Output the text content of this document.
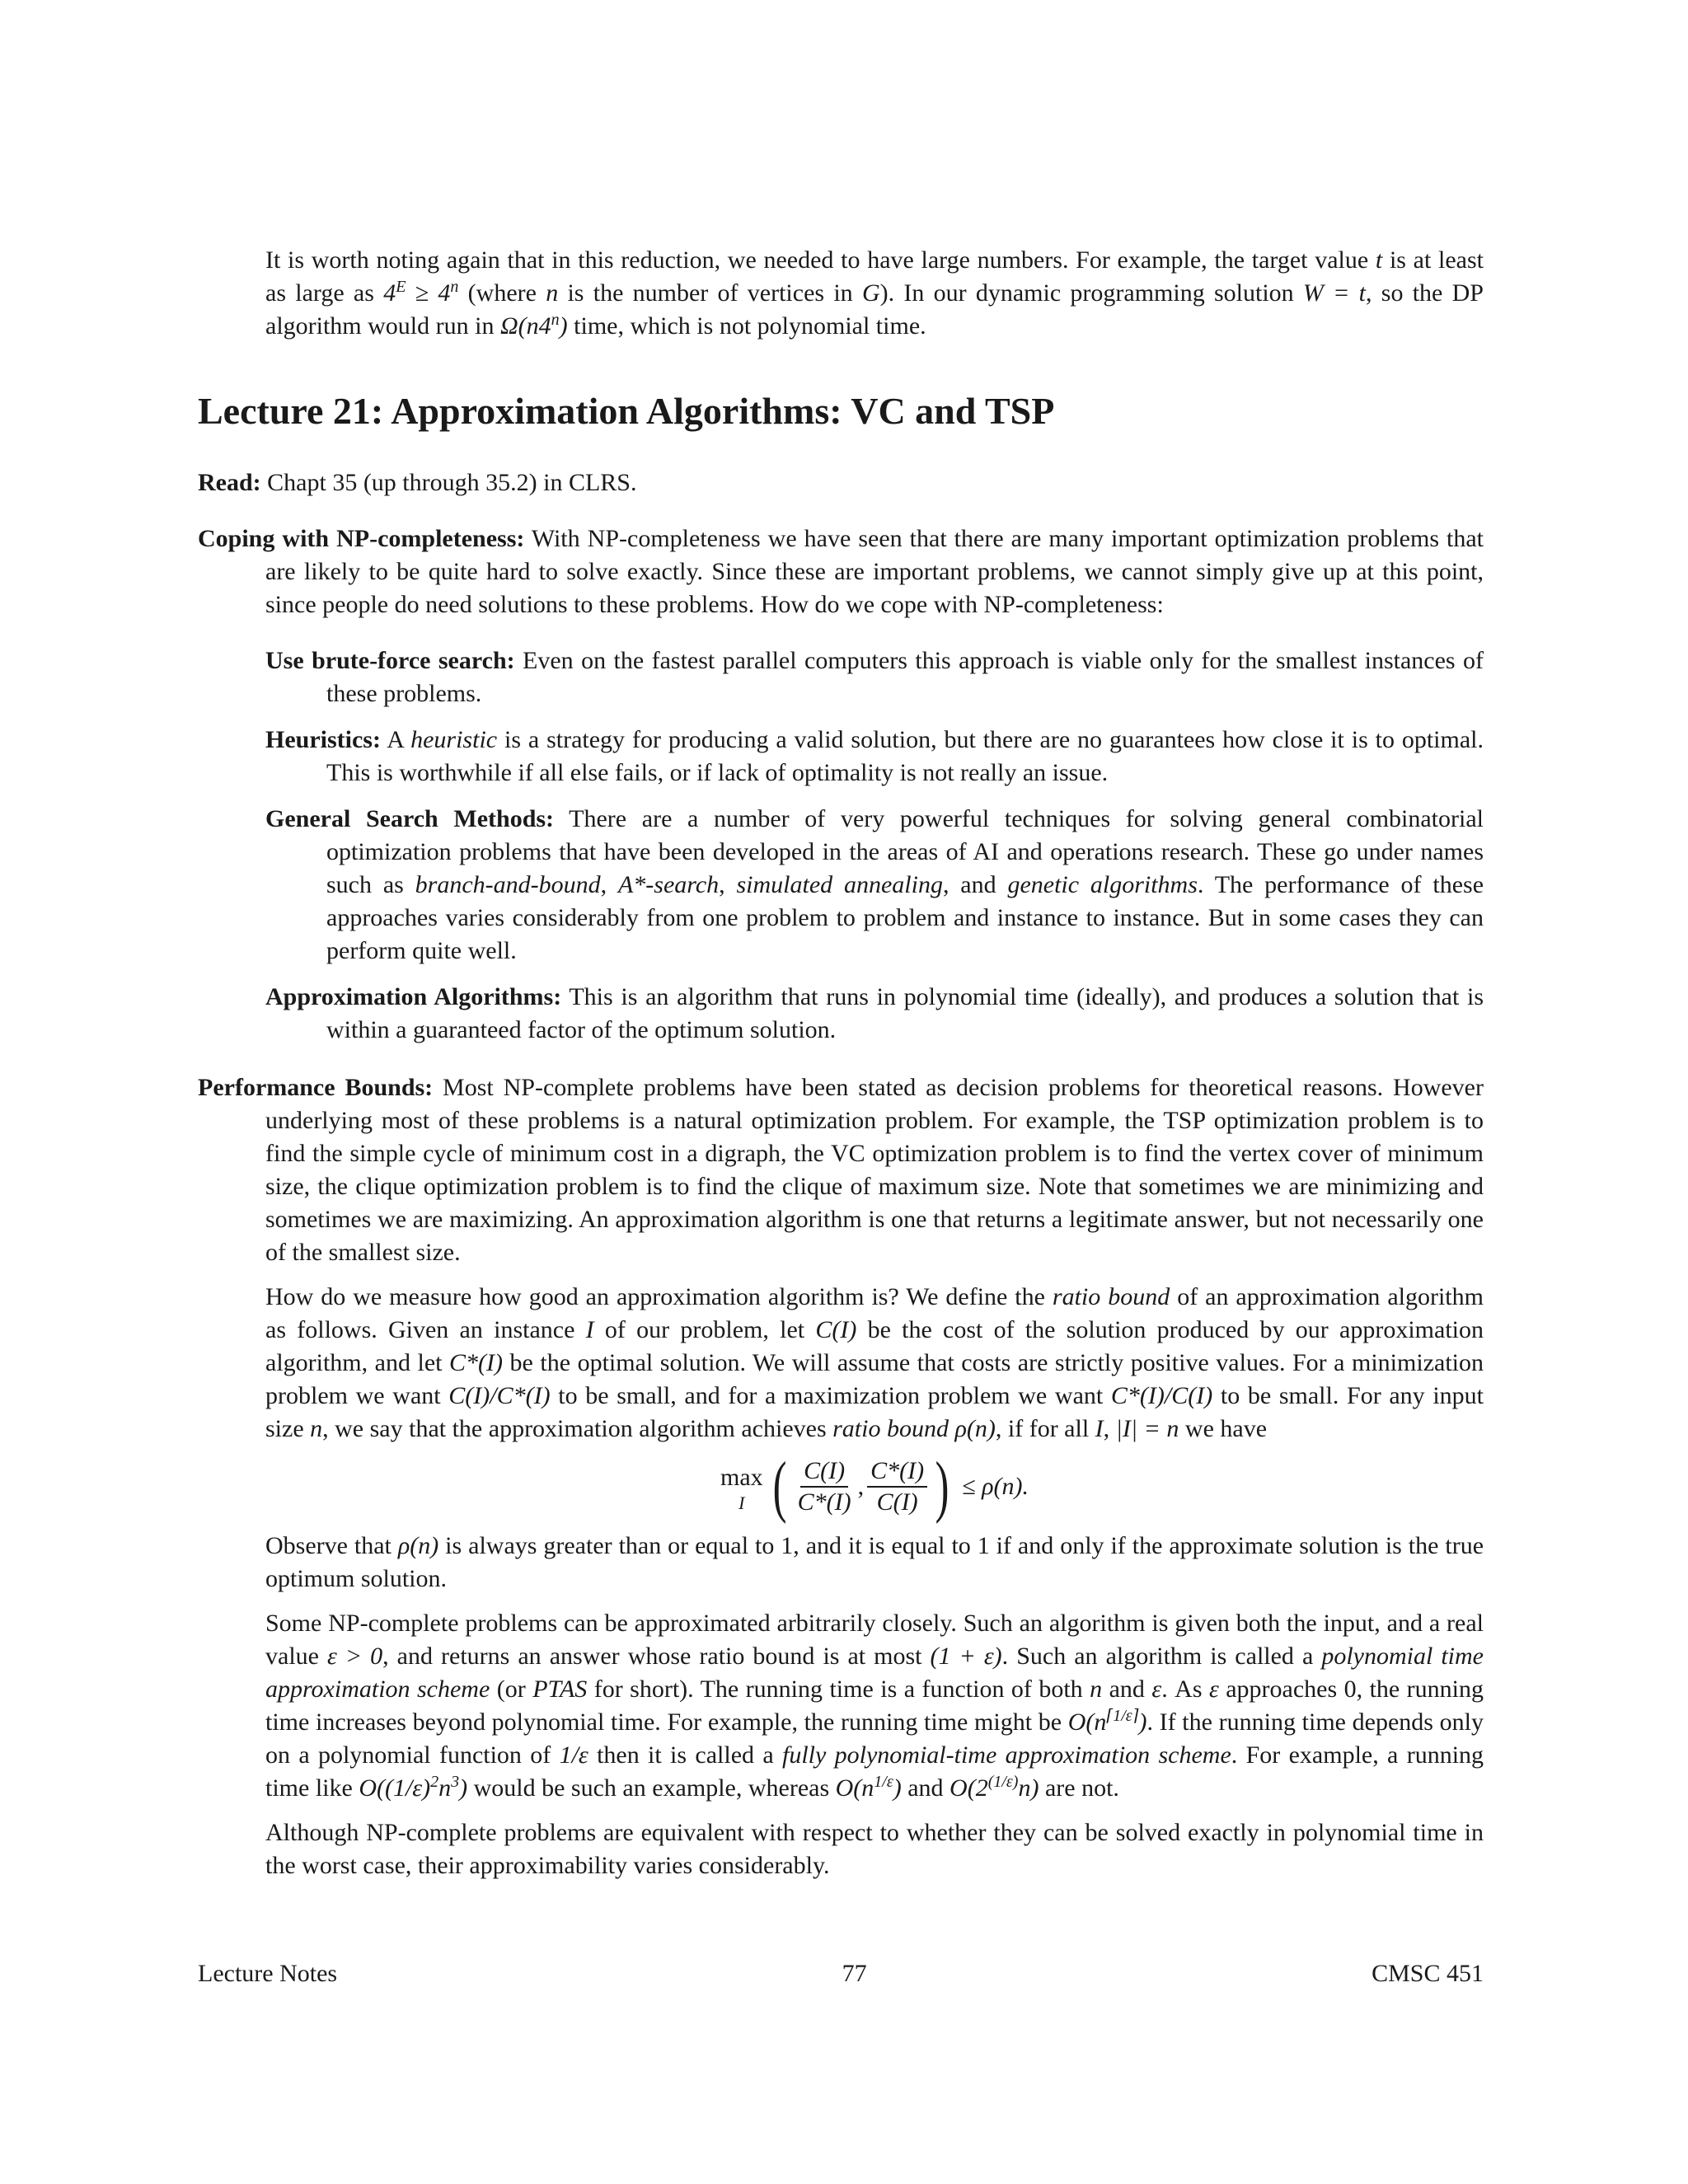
It is worth noting again that in this reduction, we needed to have large numbers. For example, the target value t is at least as large as $4^E \ge 4^n$ (where n is the number of vertices in G). In our dynamic programming solution W = t, so the DP algorithm would run in Ω(n4$^n$) time, which is not polynomial time.

Lecture 21: Approximation Algorithms: VC and TSP

Read: Chapt 35 (up through 35.2) in CLRS.

Coping with NP-completeness: With NP-completeness we have seen that there are many important optimization problems that are likely to be quite hard to solve exactly. Since these are important problems, we cannot simply give up at this point, since people do need solutions to these problems. How do we cope with NP-completeness:

Use brute-force search: Even on the fastest parallel computers this approach is viable only for the smallest instances of these problems.

Heuristics: A heuristic is a strategy for producing a valid solution, but there are no guarantees how close it is to optimal. This is worthwhile if all else fails, or if lack of optimality is not really an issue.

General Search Methods: There are a number of very powerful techniques for solving general combinatorial optimization problems that have been developed in the areas of AI and operations research. These go under names such as branch-and-bound, A*-search, simulated annealing, and genetic algorithms. The performance of these approaches varies considerably from one problem to problem and instance to instance. But in some cases they can perform quite well.

Approximation Algorithms: This is an algorithm that runs in polynomial time (ideally), and produces a solution that is within a guaranteed factor of the optimum solution.

Performance Bounds: Most NP-complete problems have been stated as decision problems for theoretical reasons. However underlying most of these problems is a natural optimization problem. For example, the TSP optimization problem is to find the simple cycle of minimum cost in a digraph, the VC optimization problem is to find the vertex cover of minimum size, the clique optimization problem is to find the clique of maximum size. Note that sometimes we are minimizing and sometimes we are maximizing. An approximation algorithm is one that returns a legitimate answer, but not necessarily one of the smallest size.

How do we measure how good an approximation algorithm is? We define the ratio bound of an approximation algorithm as follows. Given an instance I of our problem, let C(I) be the cost of the solution produced by our approximation algorithm, and let C*(I) be the optimal solution. We will assume that costs are strictly positive values. For a minimization problem we want C(I)/C*(I) to be small, and for a maximization problem we want C*(I)/C(I) to be small. For any input size n, we say that the approximation algorithm achieves ratio bound ρ(n), if for all I, |I| = n we have

max
I ( $\frac{C(I)}{C*(I)}$ , $\frac{C*(I)}{C(I)}$ ) ≤ ρ(n).

Observe that ρ(n) is always greater than or equal to 1, and it is equal to 1 if and only if the approximate solution is the true optimum solution.

Some NP-complete problems can be approximated arbitrarily closely. Such an algorithm is given both the input, and a real value ε > 0, and returns an answer whose ratio bound is at most (1 + ε). Such an algorithm is called a polynomial time approximation scheme (or PTAS for short). The running time is a function of both n and ε. As ε approaches 0, the running time increases beyond polynomial time. For example, the running time might be $O(n^{⌈1/\varepsilon⌉})$. If the running time depends only on a polynomial function of 1/ε then it is called a fully polynomial-time approximation scheme. For example, a running time like $O((1/\varepsilon)^2n^3)$ would be such an example, whereas $O(n^{1/\varepsilon})$ and $O(2^{(1/\varepsilon)}n)$ are not.

Although NP-complete problems are equivalent with respect to whether they can be solved exactly in polynomial time in the worst case, their approximability varies considerably.

Lecture Notes	77	CMSC 451
